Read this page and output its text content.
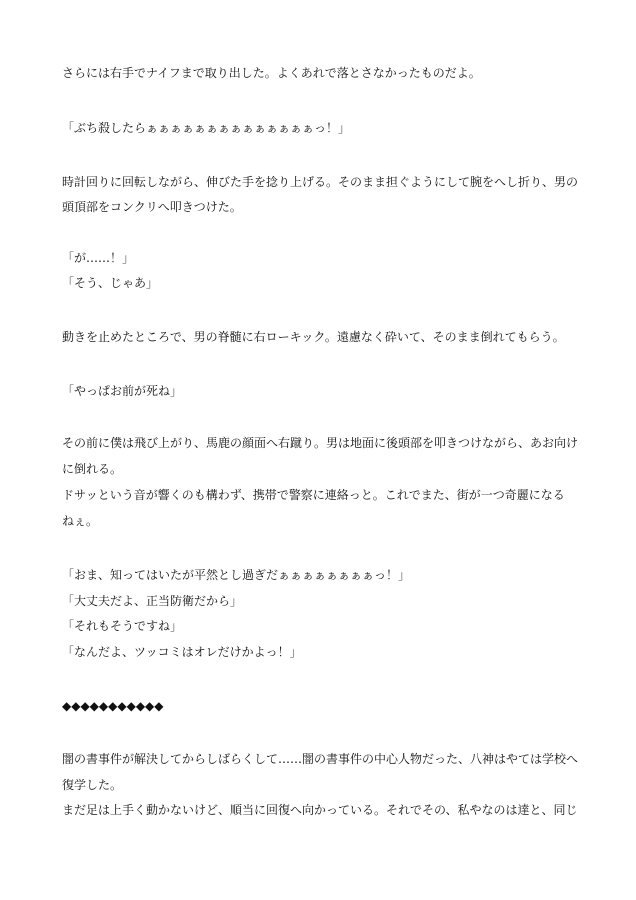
さらには右手でナイフまで取り出した。よくあれで落とさなかったものだよ。
「ぶち殺したらぁぁぁぁぁぁぁぁぁぁぁぁぁぁっ！」
時計回りに回転しながら、伸びた手を捻り上げる。そのまま担ぐようにして腕をへし折り、男の
頭頂部をコンクリへ叩きつけた。
「が……！」
「そう、じゃあ」
動きを止めたところで、男の脊髄に右ローキック。遠慮なく砕いて、そのまま倒れてもらう。
「やっぱお前が死ね」
その前に僕は飛び上がり、馬鹿の顔面へ右蹴り。男は地面に後頭部を叩きつけながら、あお向け
に倒れる。
ドサッという音が響くのも構わず、携帯で警察に連絡っと。これでまた、街が一つ奇麗になる
ねぇ。
「おま、知ってはいたが平然とし過ぎだぁぁぁぁぁぁぁぁっ！」
「大丈夫だよ、正当防衛だから」
「それもそうですね」
「なんだよ、ツッコミはオレだけかよっ！」
◆◆◆◆◆◆◆◆◆◆◆
闇の書事件が解決してからしばらくして……闇の書事件の中心人物だった、八神はやては学校へ
復学した。
まだ足は上手く動かないけど、順当に回復へ向かっている。それでその、私やなのは達と、同じ
